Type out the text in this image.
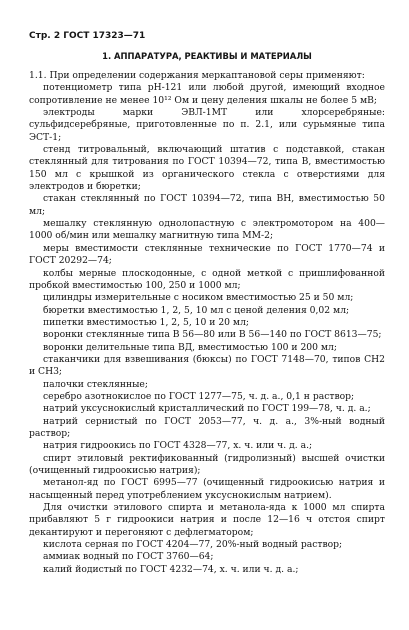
Стр. 2 ГОСТ 17323—71
1. АППАРАТУРА, РЕАКТИВЫ И МАТЕРИАЛЫ

1.1. При определении содержания меркаптановой серы применяют:

потенциометр типа рН-121 или любой другой, имеющий входное сопротивление не менее 10¹² Ом и цену деления шкалы не более 5 мВ;

электроды марки ЭВЛ-1МТ или хлорсеребряные: сульфидсеребряные, приготовленные по п. 2.1, или сурьмяные типа ЭСТ-1;

стенд титровальный, включающий штатив с подставкой, стакан стеклянный для титрования по ГОСТ 10394—72, типа В, вместимостью 150 мл с крышкой из органического стекла с отверстиями для электродов и бюретки;

стакан стеклянный по ГОСТ 10394—72, типа ВН, вместимостью 50 мл;

мешалку стеклянную однолопастную с электромотором на 400—1000 об/мин или мешалку магнитную типа ММ-2;

меры вместимости стеклянные технические по ГОСТ 1770—74 и ГОСТ 20292—74;

колбы мерные плоскодонные, с одной меткой с пришлифованной пробкой вместимостью 100, 250 и 1000 мл;

цилиндры измерительные с носиком вместимостью 25 и 50 мл;

бюретки вместимостью 1, 2, 5, 10 мл с ценой деления 0,02 мл;

пипетки вместимостью 1, 2, 5, 10 и 20 мл;

воронки стеклянные типа В 56—80 или В 56—140 по ГОСТ 8613—75;

воронки делительные типа ВД, вместимостью 100 и 200 мл;

стаканчики для взвешивания (бюксы) по ГОСТ 7148—70, типов СН2 и СН3;

палочки стеклянные;

серебро азотнокислое по ГОСТ 1277—75, ч. д. а., 0,1 н раствор;

натрий уксуснокислый кристаллический по ГОСТ 199—78, ч. д. а.;

натрий сернистый по ГОСТ 2053—77, ч. д. а., 3%-ный водный раствор;

натрия гидроокись по ГОСТ 4328—77, х. ч. или ч. д. а.;

спирт этиловый ректификованный (гидролизный) высшей очистки (очищенный гидроокисью натрия);

метанол-яд по ГОСТ 6995—77 (очищенный гидроокисью натрия и насыщенный перед употреблением уксуснокислым натрием).

Для очистки этилового спирта и метанола-яда к 1000 мл спирта прибавляют 5 г гидроокиси натрия и после 12—16 ч отстоя спирт декантируют и перегоняют с дефлегматором;

кислота серная по ГОСТ 4204—77, 20%-ный водный раствор;

аммиак водный по ГОСТ 3760—64;

калий йодистый по ГОСТ 4232—74, х. ч. или ч. д. а.;
